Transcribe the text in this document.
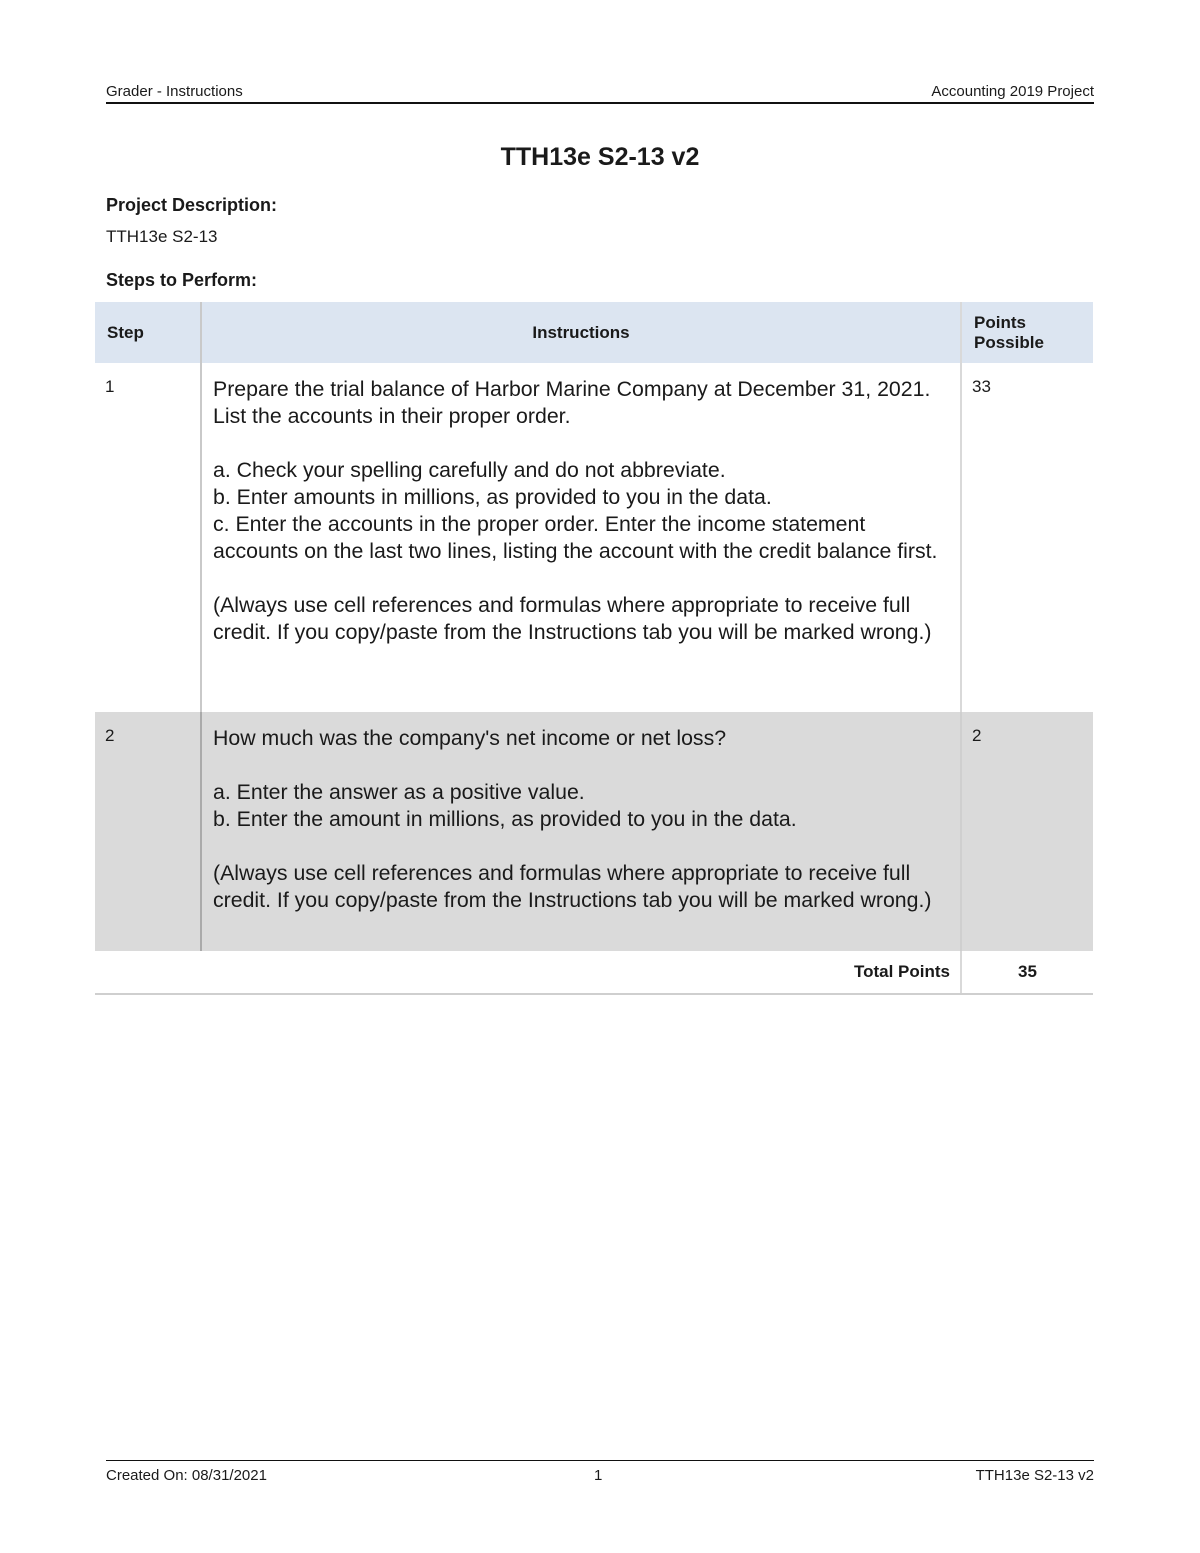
Grader - Instructions	Accounting 2019 Project
TTH13e S2-13 v2
Project Description:
TTH13e S2-13
Steps to Perform:
Step	Instructions	Points
Possible
1	Prepare the trial balance of Harbor Marine Company at December 31, 2021. List the accounts in their proper order.

a. Check your spelling carefully and do not abbreviate.
b. Enter amounts in millions, as provided to you in the data.
c. Enter the accounts in the proper order. Enter the income statement accounts on the last two lines, listing the account with the credit balance first.

(Always use cell references and formulas where appropriate to receive full credit. If you copy/paste from the Instructions tab you will be marked wrong.)	33
2	How much was the company's net income or net loss?

a. Enter the answer as a positive value.
b. Enter the amount in millions, as provided to you in the data.

(Always use cell references and formulas where appropriate to receive full credit. If you copy/paste from the Instructions tab you will be marked wrong.)	2
Total Points		35
Created On: 08/31/2021	1	TTH13e S2-13 v2
